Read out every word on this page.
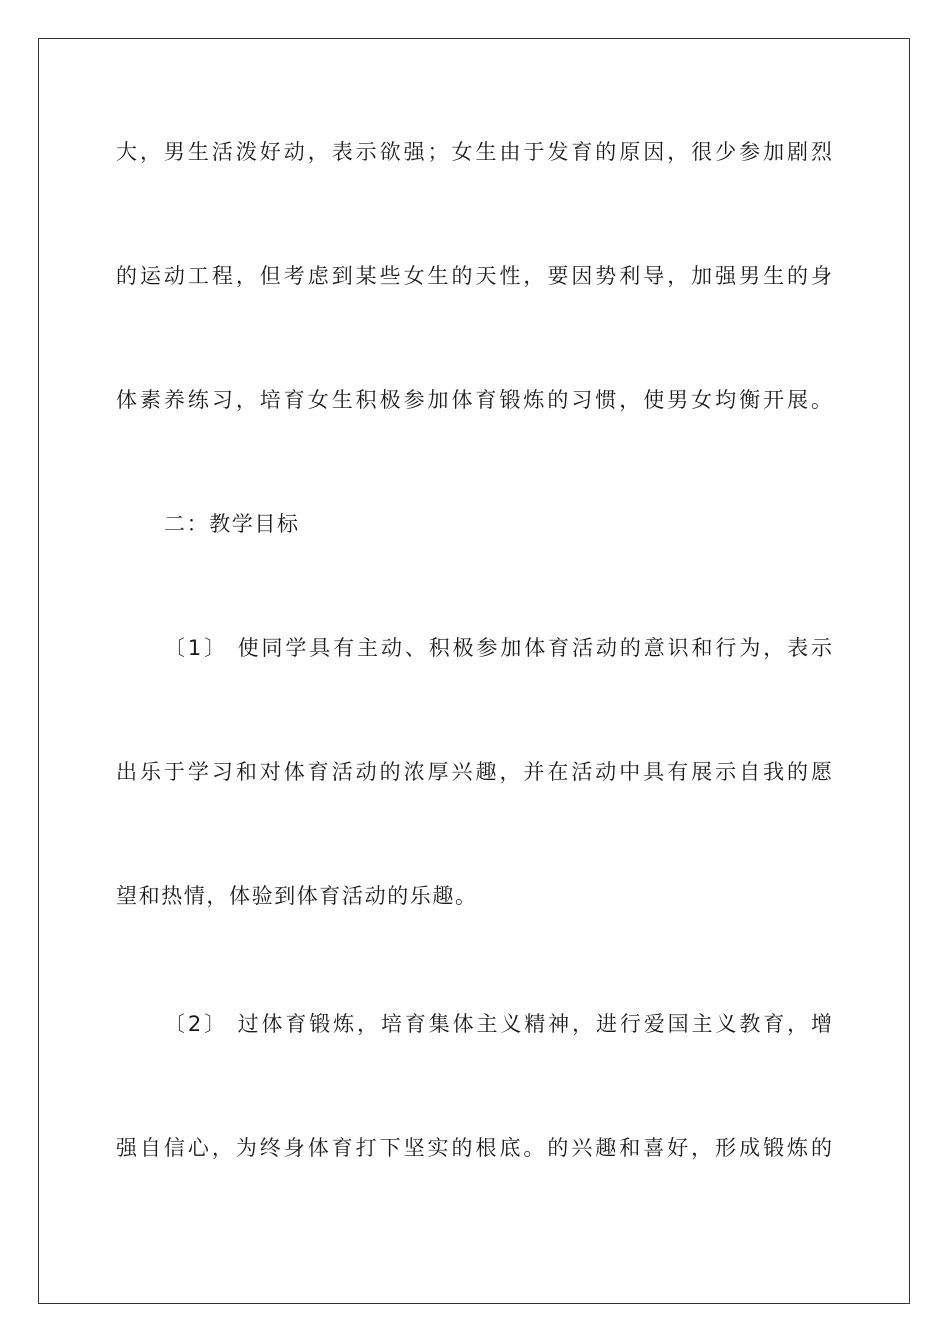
大，男生活泼好动，表示欲强；女生由于发育的原因，很少参加剧烈
的运动工程，但考虑到某些女生的天性，要因势利导，加强男生的身
体素养练习，培育女生积极参加体育锻炼的习惯，使男女均衡开展。
二：教学目标
〔1〕 使同学具有主动、积极参加体育活动的意识和行为，表示
出乐于学习和对体育活动的浓厚兴趣，并在活动中具有展示自我的愿
望和热情，体验到体育活动的乐趣。
〔2〕 过体育锻炼，培育集体主义精神，进行爱国主义教育，增
强自信心，为终身体育打下坚实的根底。的兴趣和喜好，形成锻炼的
